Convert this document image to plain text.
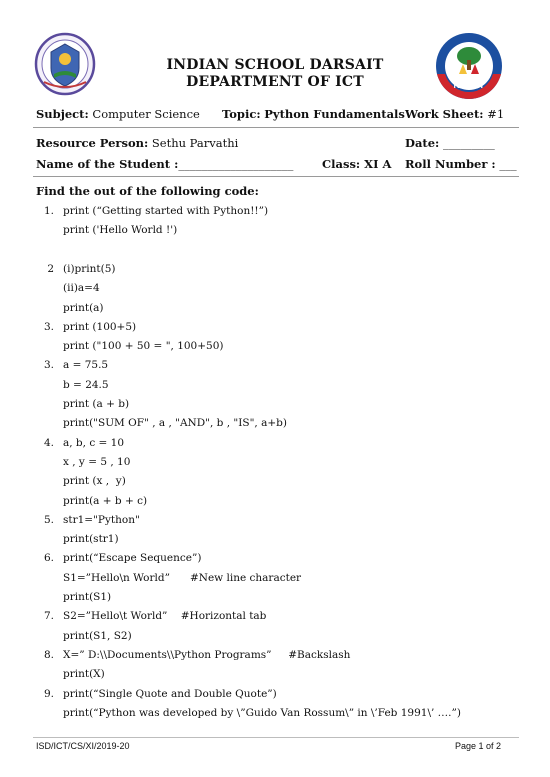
NABET
INDIAN SCHOOL DARSAIT
DEPARTMENT OF ICT
Subject: Computer Science Topic: Python Fundamentals Work Sheet: #1
Resource Person: Sethu Parvathi	Date: _________
Name of the Student :____________________ Class: XI A Roll Number : ___
Find the out of the following code:
1. print (“Getting started with Python!!”)
print ('Hello World !')
2 (i)print(5)
(ii)a=4
print(a)
3. print (100+5)
print ("100 + 50 = ", 100+50)
3. a = 75.5
b = 24.5
print (a + b)
print("SUM OF" , a , "AND", b , "IS", a+b)
4. a, b, c = 10
x , y = 5 , 10
print (x ,  y)
print(a + b + c)
5. str1="Python"
print(str1)
6. print(“Escape Sequence”)
S1=”Hello\n World”      #New line character
print(S1)
7. S2=”Hello\t World”    #Horizontal tab
print(S1, S2)
8. X=” D:\\Documents\\Python Programs”     #Backslash
print(X)
9. print(“Single Quote and Double Quote”)
print(“Python was developed by \”Guido Van Rossum\” in \’Feb 1991\’ ….”)
ISD/ICT/CS/XI/2019-20	Page 1 of 2
